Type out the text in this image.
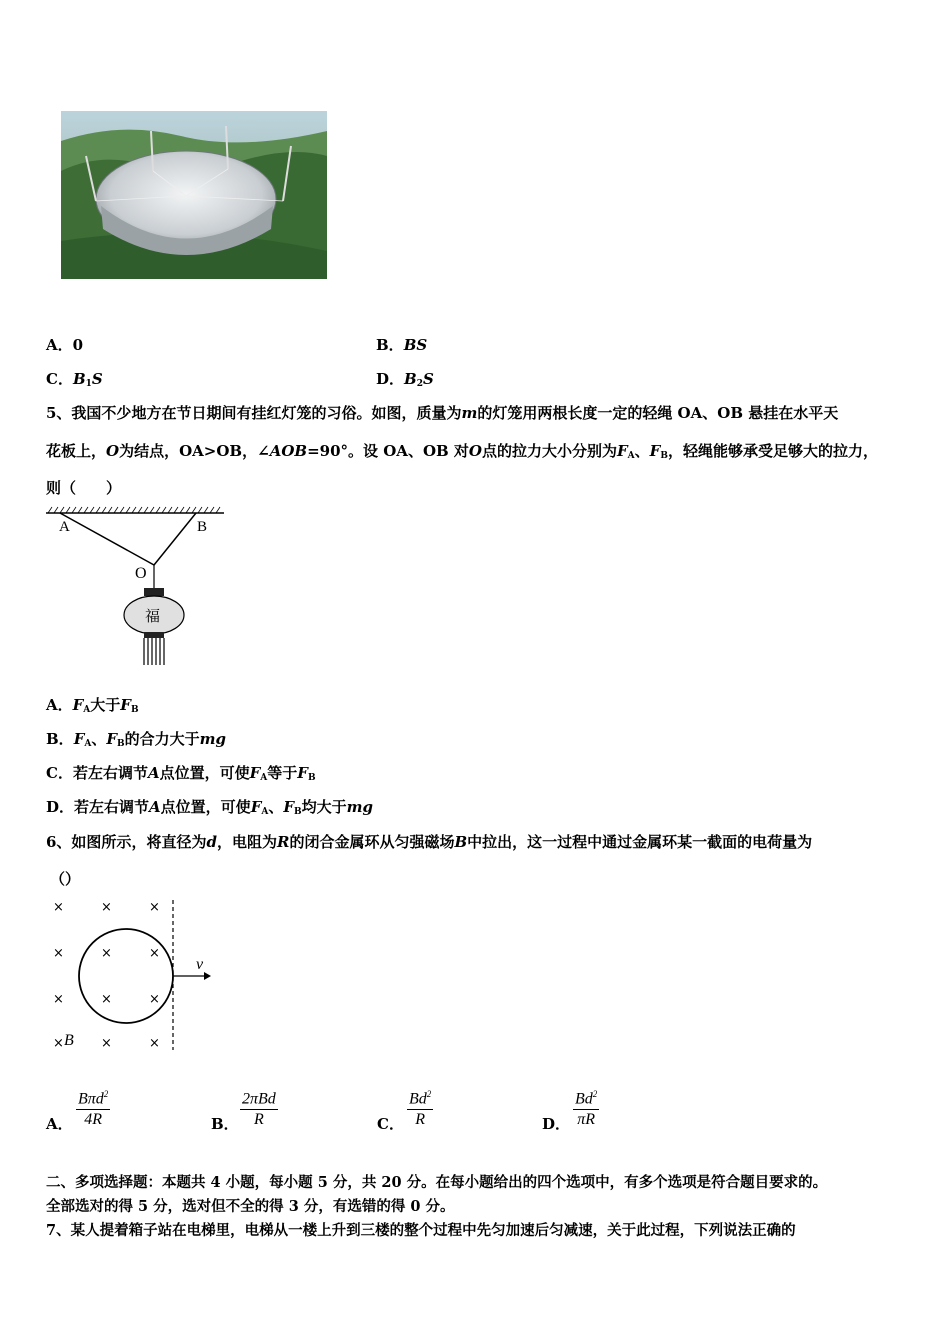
A．0	B．BS
C．$B_1S$	D．$B_2S$
5、我国不少地方在节日期间有挂红灯笼的习俗。如图，质量为m的灯笼用两根长度一定的轻绳 OA、OB 悬挂在水平天
花板上，O为结点，OA>OB，∠AOB=90°。设 OA、OB 对O点的拉力大小分别为$F_A$、$F_B$，轻绳能够承受足够大的拉力，
则（　　）
A	B
O
福
A．$F_A$大于$F_B$
B．$F_A$、$F_B$的合力大于mg
C．若左右调节A点位置，可使$F_A$等于$F_B$
D．若左右调节A点位置，可使$F_A$、$F_B$均大于mg
6、如图所示，将直径为d，电阻为R的闭合金属环从匀强磁场B中拉出，这一过程中通过金属环某一截面的电荷量为
（）
×	×	×
×	×	×
×	×	×
×	×	×
v
B
A．
Bπd$^2$
4R	B．
2πBd
R	C． $\frac{Bd^2}{R}$	D． $\frac{Bd^2}{\pi R}$
二、多项选择题：本题共 4 小题，每小题 5 分，共 20 分。在每小题给出的四个选项中，有多个选项是符合题目要求的。
全部选对的得 5 分，选对但不全的得 3 分，有选错的得 0 分。
7、某人提着箱子站在电梯里，电梯从一楼上升到三楼的整个过程中先匀加速后匀减速，关于此过程，下列说法正确的
